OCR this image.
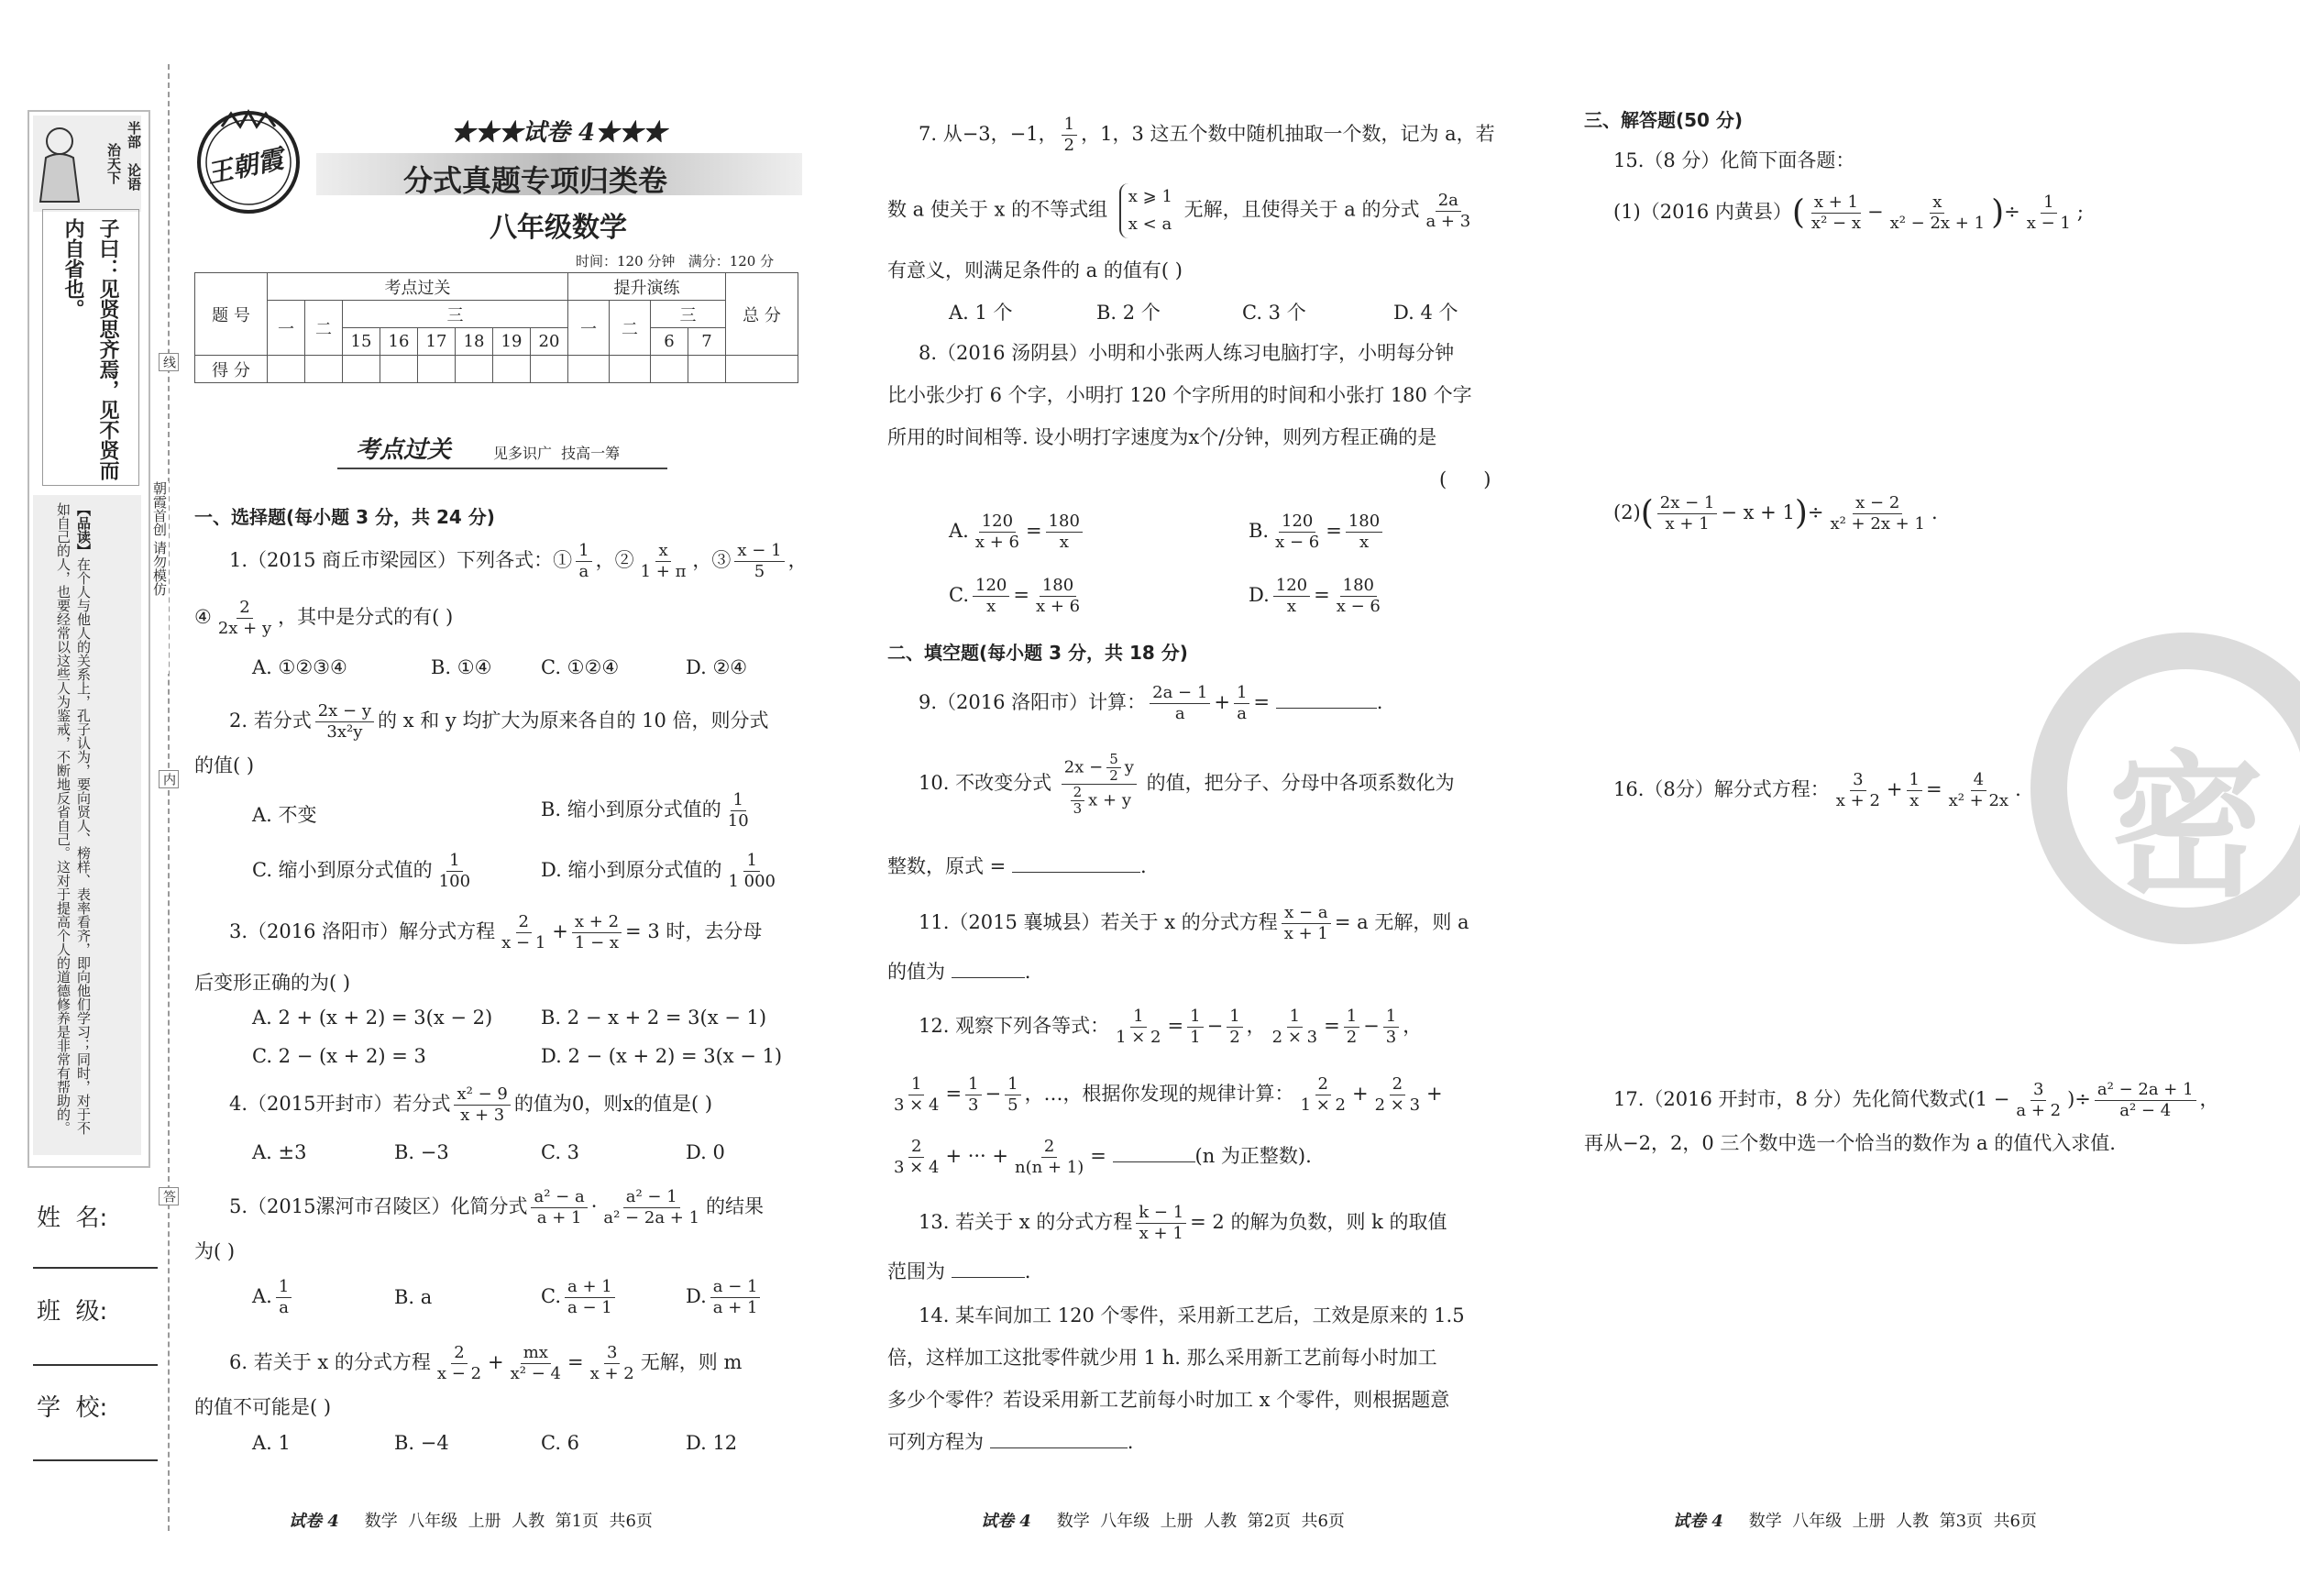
半部
治天下 论语
子曰：见贤思齐焉，见不贤而内自省也。
【品读】在个人与他人的关系上，孔子认为，要向贤人、榜样、表率看齐，即向他们学习；同时，对于不如自己的人，也要经常以这些人为鉴戒，不断地反省自己。这对于提高个人的道德修养是非常有帮助的。
线
内
答
朝霞首创 请勿模仿
姓  名:
班  级:
学  校:
王朝霞
★★★试卷 4★★★
分式真题专项归类卷
八年级数学
时间：120 分钟   满分：120 分
题 号	考点过关								提升演练				总 分
	一	二	三						一	二	三		
			15	16	17	18	19	20			6	7	
得 分													
考点过关	见多识广  技高一筹
一、选择题(每小题 3 分，共 24 分)
1.（2015 商丘市梁园区）下列各式：① $\frac{1}{a}$ ，② $\frac{x}{1 + \pi}$ ，③ $\frac{x - 1}{5}$ ，
④ $\frac{2}{2x + y}$ ，其中是分式的有( )
A. ①②③④	B. ①④	C. ①②④	D. ②④
2. 若分式 $\frac{2x - y}{\text{3x²y}}$ 的 x 和 y 均扩大为原来各自的 10 倍，则分式
的值( )
A. 不变	B. 缩小到原分式值的 $\frac{1}{10}$
C. 缩小到原分式值的 $\frac{1}{100}$	D. 缩小到原分式值的 $\frac{1}{1 000}$
3.（2016 洛阳市）解分式方程 $\frac{2}{x - 1} + \frac{x + 2}{1 - x} = 3$ 时，去分母
后变形正确的为( )
A. 2 + (x + 2) = 3(x − 2)	B. 2 − x + 2 = 3(x − 1)
C. 2 − (x + 2) = 3	D. 2 − (x + 2) = 3(x − 1)
4.（2015开封市）若分式 $\frac{\text{x² − 9}}{x + 3}$ 的值为0，则x的值是( )
A. ±3	B. −3	C. 3	D. 0
5.（2015漯河市召陵区）化简分式 $\frac{\text{a² − a}}{a + 1} \cdot \frac{\text{a² − 1}}{\text{a² − 2a + 1}}$ 的结果
为( )
A. $\frac{1}{a}$	B. a	C. $\frac{a + 1}{a - 1}$	D. $\frac{a - 1}{a + 1}$
6. 若关于 x 的分式方程 $\frac{2}{x - 2} + \frac{mx}{\text{x² − 4}} = \frac{3}{x + 2}$ 无解，则 m
的值不可能是( )
A. 1	B. −4	C. 6	D. 12
7. 从−3，−1， $\frac{1}{2}$ ，1，3 这五个数中随机抽取一个数，记为 a，若
数 a 使关于 x 的不等式组
x ⩾ 1
x < a
无解，且使得关于 a 的分式 $\frac{2a}{a + 3}$
有意义，则满足条件的 a 的值有( )
A. 1 个	B. 2 个	C. 3 个	D. 4 个
8.（2016 汤阴县）小明和小张两人练习电脑打字，小明每分钟
比小张少打 6 个字，小明打 120 个字所用的时间和小张打 180 个字
所用的时间相等. 设小明打字速度为x个/分钟，则列方程正确的是
(      )
A. $\frac{120}{x + 6} = \frac{180}{x}$	B. $\frac{120}{x - 6} = \frac{180}{x}$
C. $\frac{120}{x} = \frac{180}{x + 6}$	D. $\frac{120}{x} = \frac{180}{x - 6}$
二、填空题(每小题 3 分，共 18 分)
9.（2016 洛阳市）计算： $\frac{2a - 1}{a} + \frac{1}{a}$ =	.
10. 不改变分式 $\frac{2x - \frac{5}{2} y}{\frac{2}{3} x + y}$ 的值，把分子、分母中各项系数化为
整数，原式 =	.
11.（2015 襄城县）若关于 x 的分式方程 $\frac{x - a}{x + 1} = a$ 无解，则 a
的值为	.
12. 观察下列各等式： $\frac{1}{1 \times 2} = \frac{1}{1} - \frac{1}{2}$ ， $\frac{1}{2 \times 3} = \frac{1}{2} - \frac{1}{3}$ ，
$\frac{1}{3 \times 4} = \frac{1}{3} - \frac{1}{5}$ ，…，根据你发现的规律计算： $\frac{2}{1 \times 2} + \frac{2}{2 \times 3}$ +
$\frac{2}{3 \times 4}$ + ··· + $\frac{2}{n(n + 1)}$ =	(n 为正整数).
13. 若关于 x 的分式方程 $\frac{k - 1}{x + 1} = 2$ 的解为负数，则 k 的取值
范围为	.
14. 某车间加工 120 个零件，采用新工艺后，工效是原来的 1.5
倍，这样加工这批零件就少用 1 h. 那么采用新工艺前每小时加工
多少个零件？若设采用新工艺前每小时加工 x 个零件，则根据题意
可列方程为	.
密
三、解答题(50 分)
15.（8 分）化简下面各题：
(1)（2016 内黄县）( $\frac{x + 1}{\text{x² − x}} - \frac{x}{\text{x² − 2x + 1}}$ )÷ $\frac{1}{x - 1}$ ;
$(2)( \frac{2x - 1}{x + 1} - x + 1)\div \frac{x - 2}{\text{x² + 2x + 1}}$ .
16.（8分）解分式方程： $\frac{3}{x + 2} + \frac{1}{x} = \frac{4}{\text{x² + 2x}}$ .
17.（2016 开封市，8 分）先化简代数式($1 - \frac{3}{a + 2}$ )÷ $\frac{\text{a² − 2a + 1}}{\text{a² − 4}}$ ，
再从−2，2，0 三个数中选一个恰当的数作为 a 的值代入求值.
试卷 4 数学  八年级  上册  人教  第1页  共6页	试卷 4 数学  八年级  上册  人教  第2页  共6页	试卷 4 数学  八年级  上册  人教  第3页  共6页
